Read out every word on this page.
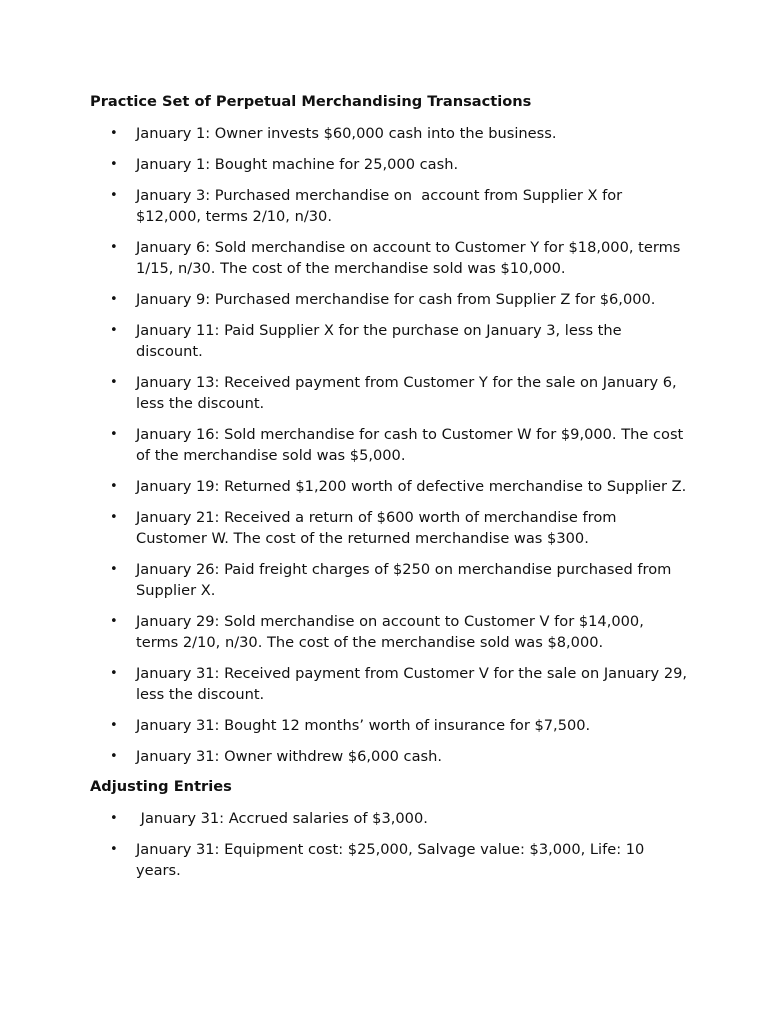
Practice Set of Perpetual Merchandising Transactions
• January 1: Owner invests $60,000 cash into the business.
• January 1: Bought machine for 25,000 cash.
• January 3: Purchased merchandise on  account from Supplier X for $12,000, terms 2/10, n/30.
• January 6: Sold merchandise on account to Customer Y for $18,000, terms 1/15, n/30. The cost of the merchandise sold was $10,000.
• January 9: Purchased merchandise for cash from Supplier Z for $6,000.
• January 11: Paid Supplier X for the purchase on January 3, less the discount.
• January 13: Received payment from Customer Y for the sale on January 6, less the discount.
• January 16: Sold merchandise for cash to Customer W for $9,000. The cost of the merchandise sold was $5,000.
• January 19: Returned $1,200 worth of defective merchandise to Supplier Z.
• January 21: Received a return of $600 worth of merchandise from Customer W. The cost of the returned merchandise was $300.
• January 26: Paid freight charges of $250 on merchandise purchased from Supplier X.
• January 29: Sold merchandise on account to Customer V for $14,000, terms 2/10, n/30. The cost of the merchandise sold was $8,000.
• January 31: Received payment from Customer V for the sale on January 29, less the discount.
• January 31: Bought 12 months’ worth of insurance for $7,500.
• January 31: Owner withdrew $6,000 cash.
Adjusting Entries
• January 31: Accrued salaries of $3,000.
• January 31: Equipment cost: $25,000, Salvage value: $3,000, Life: 10 years.
